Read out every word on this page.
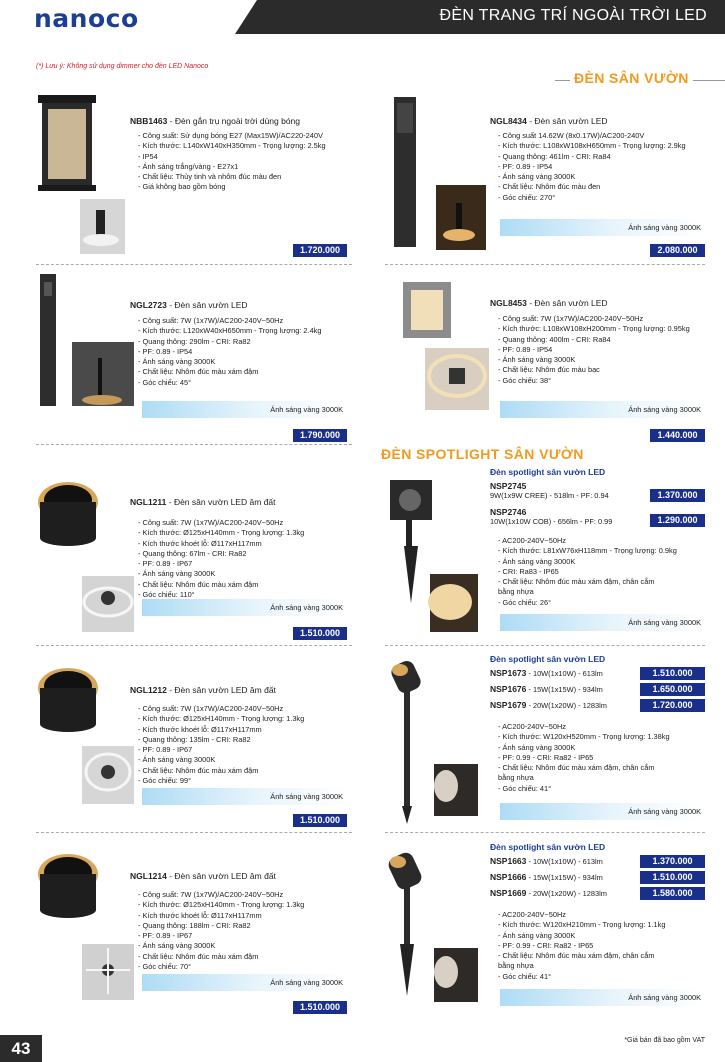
nanoco	ĐÈN TRANG TRÍ NGOÀI TRỜI LED
(*) Lưu ý: Không sử dụng dimmer cho đèn LED Nanoco
ĐÈN SÂN VƯỜN
NBB1463 - Đèn gắn trụ ngoài trời dùng bóng
- Công suất: Sử dụng bóng E27 (Max15W)/AC220-240V
- Kích thước: L140xW140xH350mm - Trọng lượng: 2.5kg
- IP54
- Ánh sáng trắng/vàng - E27x1
- Chất liệu: Thủy tinh và nhôm đúc màu đen
- Giá không bao gồm bóng
1.720.000
NGL8434 - Đèn sân vườn LED
- Công suất 14.62W (8x0.17W)/AC200-240V
- Kích thước: L108xW108xH650mm - Trọng lượng: 2.9kg
- Quang thông: 461lm - CRI: Ra84
- PF: 0.89 - IP54
- Ánh sáng vàng 3000K
- Chất liệu: Nhôm đúc màu đen
- Góc chiếu: 270°
Ánh sáng vàng 3000K
2.080.000
NGL2723 - Đèn sân vườn LED
- Công suất: 7W (1x7W)/AC200-240V~50Hz
- Kích thước: L120xW40xH650mm - Trọng lượng: 2.4kg
- Quang thông: 290lm - CRI: Ra82
- PF: 0.89 - IP54
- Ánh sáng vàng 3000K
- Chất liệu: Nhôm đúc màu xám đậm
- Góc chiếu: 45°
Ánh sáng vàng 3000K
1.790.000
NGL8453 - Đèn sân vườn LED
- Công suất: 7W (1x7W)/AC200-240V~50Hz
- Kích thước: L108xW108xH200mm - Trọng lượng: 0.95kg
- Quang thông: 400lm - CRI: Ra84
- PF: 0.89 - IP54
- Ánh sáng vàng 3000K
- Chất liệu: Nhôm đúc màu bạc
- Góc chiếu: 38°
Ánh sáng vàng 3000K
1.440.000
ĐÈN SPOTLIGHT SÂN VƯỜN
NGL1211 - Đèn sân vườn LED âm đất
- Công suất: 7W (1x7W)/AC200-240V~50Hz
- Kích thước: Ø125xH140mm - Trọng lượng: 1.3kg
- Kích thước khoét lỗ: Ø117xH117mm
- Quang thông: 67lm - CRI: Ra82
- PF: 0.89 - IP67
- Ánh sáng vàng 3000K
- Chất liệu: Nhôm đúc màu xám đậm
- Góc chiếu: 110°
Ánh sáng vàng 3000K
1.510.000
NGL1212 - Đèn sân vườn LED âm đất
- Công suất: 7W (1x7W)/AC200-240V~50Hz
- Kích thước: Ø125xH140mm - Trọng lượng: 1.3kg
- Kích thước khoét lỗ: Ø117xH117mm
- Quang thông: 135lm - CRI: Ra82
- PF: 0.89 - IP67
- Ánh sáng vàng 3000K
- Chất liệu: Nhôm đúc màu xám đậm
- Góc chiếu: 99°
Ánh sáng vàng 3000K
1.510.000
NGL1214 - Đèn sân vườn LED âm đất
- Công suất: 7W (1x7W)/AC200-240V~50Hz
- Kích thước: Ø125xH140mm - Trọng lượng: 1.3kg
- Kích thước khoét lỗ: Ø117xH117mm
- Quang thông: 188lm - CRI: Ra82
- PF: 0.89 - IP67
- Ánh sáng vàng 3000K
- Chất liệu: Nhôm đúc màu xám đậm
- Góc chiếu: 70°
Ánh sáng vàng 3000K
1.510.000
Đèn spotlight sân vườn LED
NSP2745
9W(1x9W CREE) - 518lm - PF: 0.94	1.370.000
NSP2746
10W(1x10W COB) - 656lm - PF: 0.99	1.290.000
- AC200-240V~50Hz
- Kích thước: L81xW76xH118mm - Trọng lượng: 0.9kg
- Ánh sáng vàng 3000K
- CRI: Ra83 - IP65
- Chất liệu: Nhôm đúc màu xám đậm, chân cắm
bằng nhựa
- Góc chiếu: 26°
Ánh sáng vàng 3000K
Đèn spotlight sân vườn LED
NSP1673 - 10W(1x10W) - 613lm	1.510.000
NSP1676 - 15W(1x15W) - 934lm	1.650.000
NSP1679 - 20W(1x20W) - 1283lm	1.720.000
- AC200-240V~50Hz
- Kích thước: W120xH520mm - Trọng lượng: 1.38kg
- Ánh sáng vàng 3000K
- PF: 0.99 - CRI: Ra82 - IP65
- Chất liệu: Nhôm đúc màu xám đậm, chân cắm
bằng nhựa
- Góc chiếu: 41°
Ánh sáng vàng 3000K
Đèn spotlight sân vườn LED
NSP1663 - 10W(1x10W) - 613lm	1.370.000
NSP1666 - 15W(1x15W) - 934lm	1.510.000
NSP1669 - 20W(1x20W) - 1283lm	1.580.000
- AC200-240V~50Hz
- Kích thước: W120xH210mm - Trọng lượng: 1.1kg
- Ánh sáng vàng 3000K
- PF: 0.99 - CRI: Ra82 - IP65
- Chất liệu: Nhôm đúc màu xám đậm, chân cắm
bằng nhựa
- Góc chiếu: 41°
Ánh sáng vàng 3000K
43	*Giá bán đã bao gồm VAT
